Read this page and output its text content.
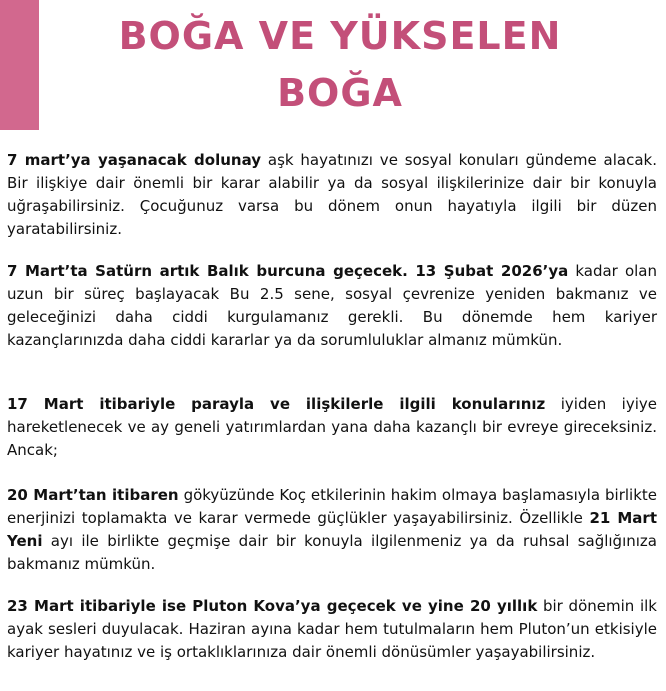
BOĞA VE YÜKSELEN
BOĞA

7 mart’ya yaşanacak dolunay aşk hayatınızı ve sosyal konuları gündeme alacak. Bir ilişkiye dair önemli bir karar alabilir ya da sosyal ilişkilerinize dair bir konuyla uğraşabilirsiniz. Çocuğunuz varsa bu dönem onun hayatıyla ilgili bir düzen yaratabilirsiniz.

7 Mart’ta Satürn artık Balık burcuna geçecek. 13 Şubat 2026’ya kadar olan uzun bir süreç başlayacak Bu 2.5 sene, sosyal çevrenize yeniden bakmanız ve geleceğinizi daha ciddi kurgulamanız gerekli. Bu dönemde hem kariyer kazançlarınızda daha ciddi kararlar ya da sorumluluklar almanız mümkün.

17 Mart itibariyle parayla ve ilişkilerle ilgili konularınız iyiden iyiye hareketlenecek ve ay geneli yatırımlardan yana daha kazançlı bir evreye gireceksiniz. Ancak;

20 Mart’tan itibaren gökyüzünde Koç etkilerinin hakim olmaya başlamasıyla birlikte enerjinizi toplamakta ve karar vermede güçlükler yaşayabilirsiniz. Özellikle 21 Mart Yeni ayı ile birlikte geçmişe dair bir konuyla ilgilenmeniz ya da ruhsal sağlığınıza bakmanız mümkün.

23 Mart itibariyle ise Pluton Kova’ya geçecek ve yine 20 yıllık bir dönemin ilk ayak sesleri duyulacak. Haziran ayına kadar hem tutulmaların hem Pluton’un etkisiyle kariyer hayatınız ve iş ortaklıklarınıza dair önemli dönüsümler yaşayabilirsiniz.
